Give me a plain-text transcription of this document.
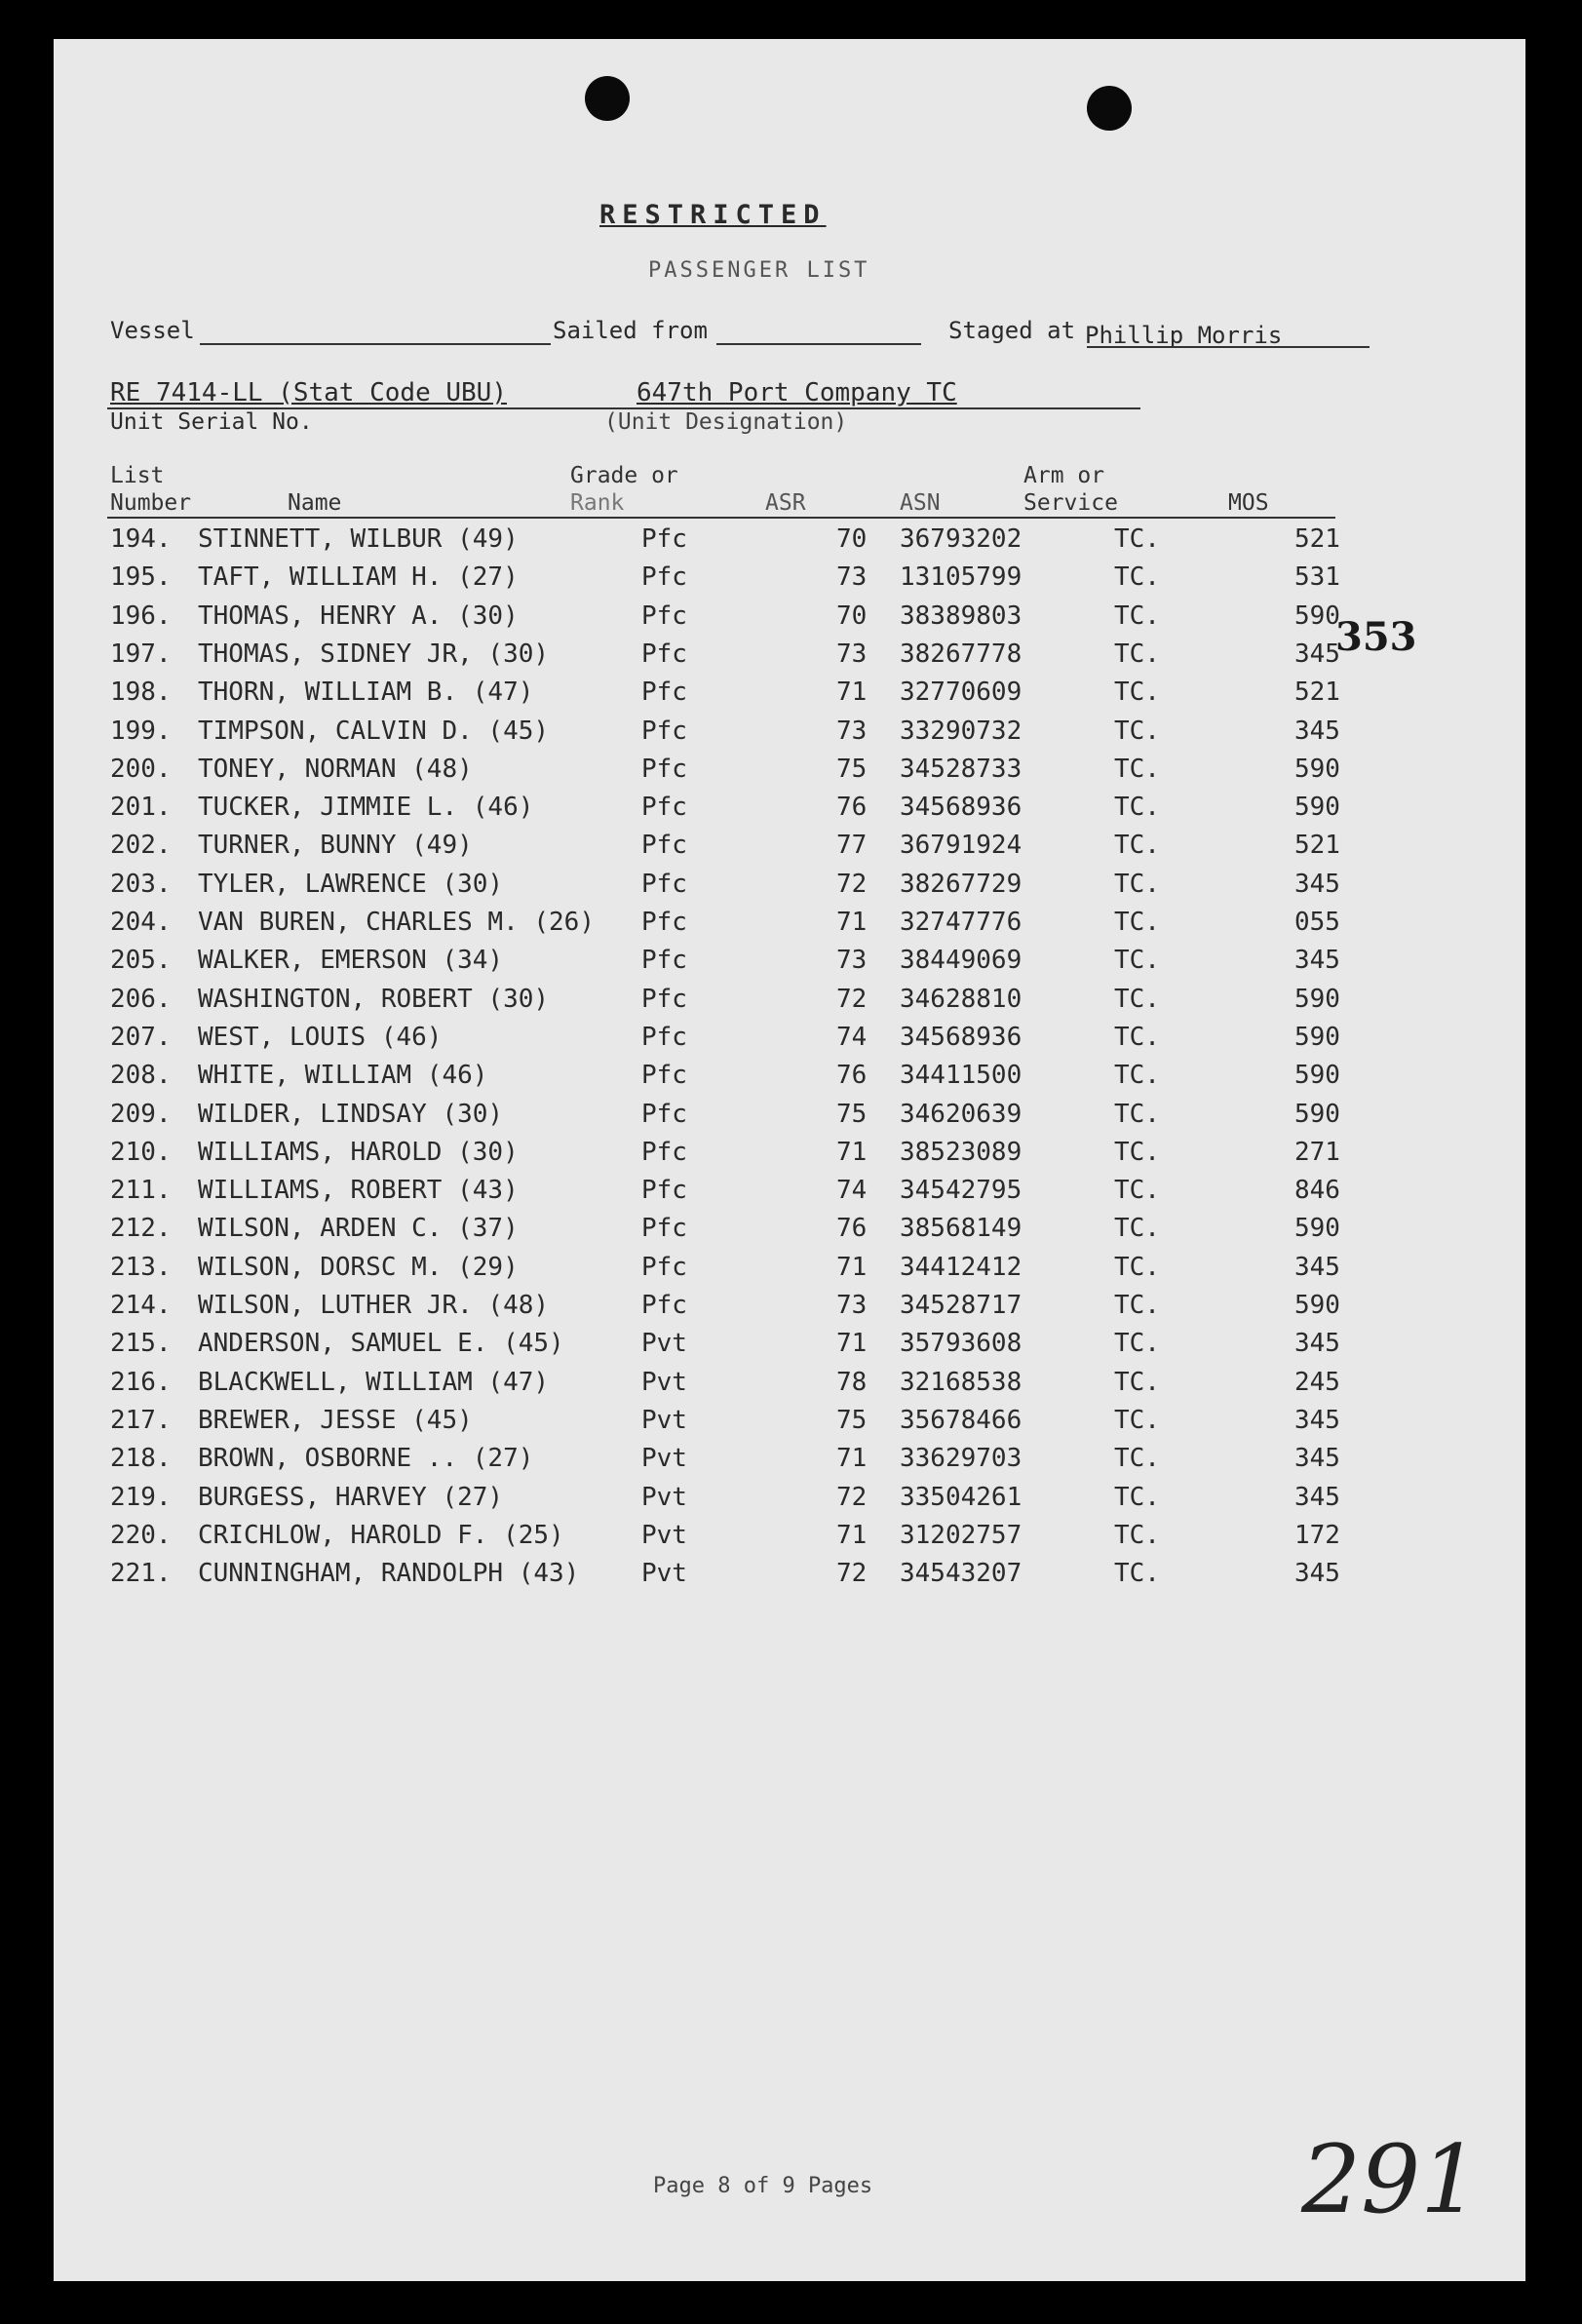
RESTRICTED
PASSENGER LIST
Vessel	Sailed from	Staged at Phillip Morris
RE 7414-LL (Stat Code UBU)	647th Port Company TC
Unit Serial No.	(Unit Designation)
List
Number	Name
Grade or
Rank	ASR	ASN
Arm or
Service	MOS
194. STINNETT, WILBUR (49)	Pfc	70 36793202	TC.	521
195. TAFT, WILLIAM H. (27)	Pfc	73 13105799	TC.	531
196. THOMAS, HENRY A. (30)	Pfc	70 38389803	TC.	590
197. THOMAS, SIDNEY JR, (30)	Pfc	73 38267778	TC.	345
198. THORN, WILLIAM B. (47)	Pfc	71 32770609	TC.	521
199. TIMPSON, CALVIN D. (45)	Pfc	73 33290732	TC.	345
200. TONEY, NORMAN (48)	Pfc	75 34528733	TC.	590
201. TUCKER, JIMMIE L. (46)	Pfc	76 34568936	TC.	590
202. TURNER, BUNNY (49)	Pfc	77 36791924	TC.	521
203. TYLER, LAWRENCE (30)	Pfc	72 38267729	TC.	345
204. VAN BUREN, CHARLES M. (26) Pfc	71 32747776	TC.	055
205. WALKER, EMERSON (34)	Pfc	73 38449069	TC.	345
206. WASHINGTON, ROBERT (30)	Pfc	72 34628810	TC.	590
207. WEST, LOUIS (46)	Pfc	74 34568936	TC.	590
208. WHITE, WILLIAM (46)	Pfc	76 34411500	TC.	590
209. WILDER, LINDSAY (30)	Pfc	75 34620639	TC.	590
210. WILLIAMS, HAROLD (30)	Pfc	71 38523089	TC.	271
211. WILLIAMS, ROBERT (43)	Pfc	74 34542795	TC.	846
212. WILSON, ARDEN C. (37)	Pfc	76 38568149	TC.	590
213. WILSON, DORSC M. (29)	Pfc	71 34412412	TC.	345
214. WILSON, LUTHER JR. (48)	Pfc	73 34528717	TC.	590
215. ANDERSON, SAMUEL E. (45)	Pvt	71 35793608	TC.	345
216. BLACKWELL, WILLIAM (47)	Pvt	78 32168538	TC.	245
217. BREWER, JESSE (45)	Pvt	75 35678466	TC.	345
218. BROWN, OSBORNE .. (27)	Pvt	71 33629703	TC.	345
219. BURGESS, HARVEY (27)	Pvt	72 33504261	TC.	345
220. CRICHLOW, HAROLD F. (25)	Pvt	71 31202757	TC.	172
221. CUNNINGHAM, RANDOLPH (43) Pvt	72 34543207	TC.	345
353
Page 8 of 9 Pages	291
